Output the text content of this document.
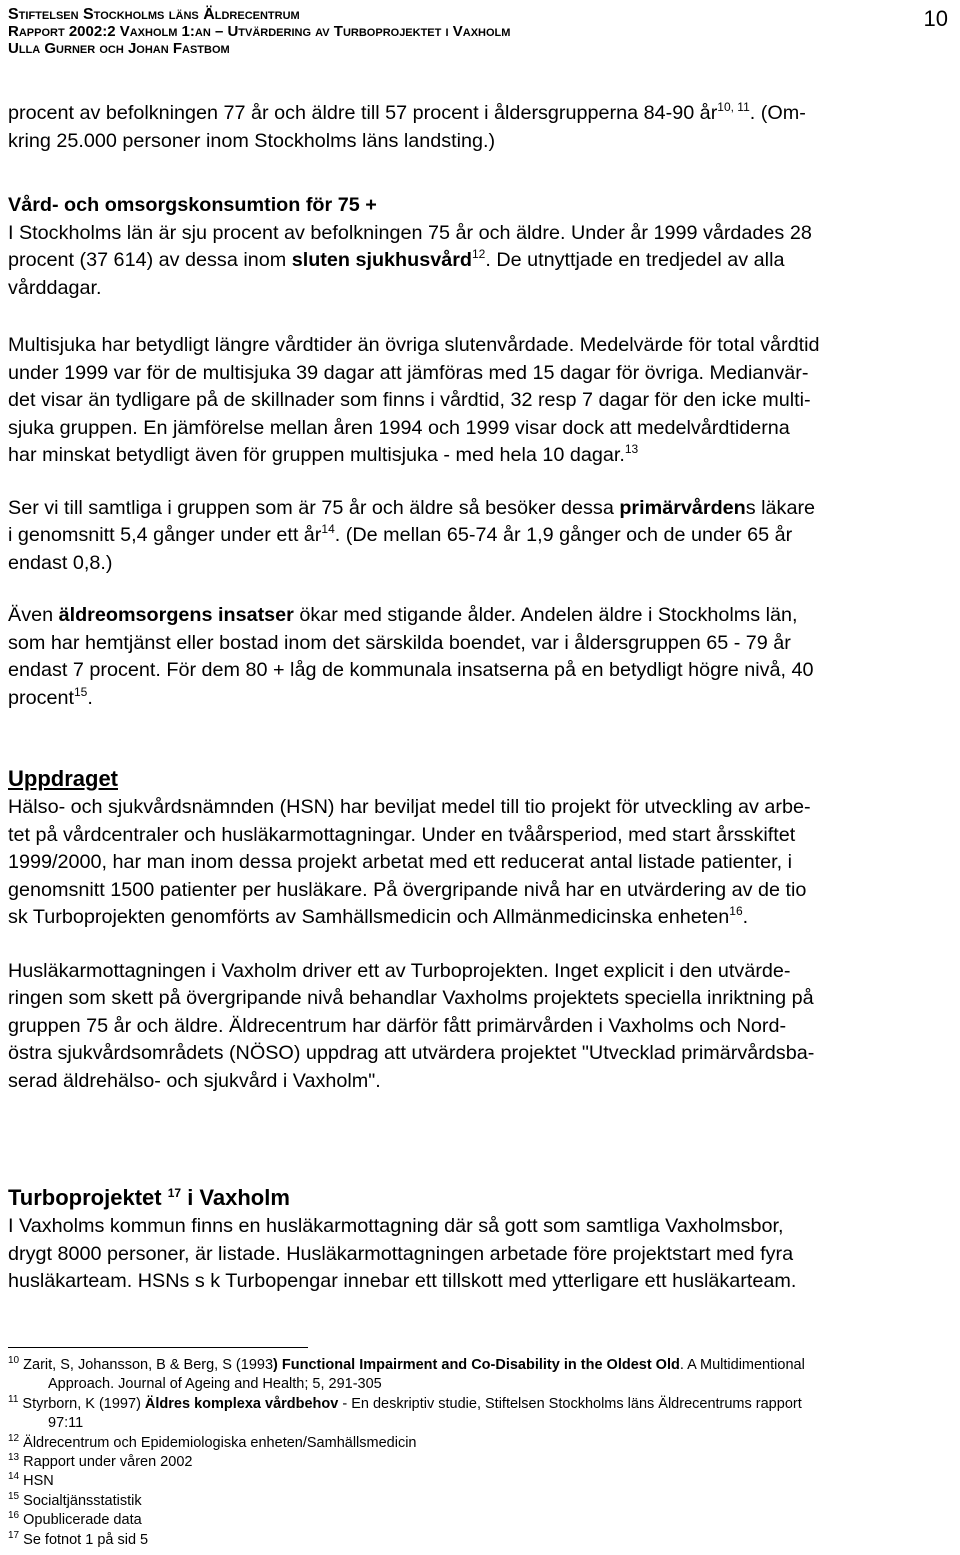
Stiftelsen Stockholms läns Äldrecentrum
Rapport 2002:2 Vaxholm 1:an – Utvärdering av Turboprojektet i Vaxholm
Ulla Gurner och Johan Fastbom
10

procent av befolkningen 77 år och äldre till 57 procent i åldersgrupperna 84-90 år$^{10, 11}$. (Om-

kring 25.000 personer inom Stockholms läns landsting.)

Vård- och omsorgskonsumtion för 75 +

I Stockholms län är sju procent av befolkningen 75 år och äldre. Under år 1999 vårdades 28

procent (37 614) av dessa inom sluten sjukhusvård$^{12}$. De utnyttjade en tredjedel av alla

vårddagar.

Multisjuka har betydligt längre vårdtider än övriga slutenvårdade. Medelvärde för total vårdtid

under 1999 var för de multisjuka 39 dagar att jämföras med 15 dagar för övriga. Medianvär-

det visar än tydligare på de skillnader som finns i vårdtid, 32 resp 7 dagar för den icke multi-

sjuka gruppen. En jämförelse mellan åren 1994 och 1999 visar dock att medelvårdtiderna

har minskat betydligt även för gruppen multisjuka - med hela 10 dagar.$^{13}$

Ser vi till samtliga i gruppen som är 75 år och äldre så besöker dessa primärvårdens läkare

i genomsnitt 5,4 gånger under ett $år^{14}$. (De mellan 65-74 år 1,9 gånger och de under 65 år

endast 0,8.)

Även äldreomsorgens insatser ökar med stigande ålder. Andelen äldre i Stockholms län,

som har hemtjänst eller bostad inom det särskilda boendet, var i åldersgruppen 65 - 79 år

endast 7 procent. För dem 80 + låg de kommunala insatserna på en betydligt högre nivå, 40

procent$^{15}$.

Uppdraget

Hälso- och sjukvårdsnämnden (HSN) har beviljat medel till tio projekt för utveckling av arbe-

tet på vårdcentraler och husläkarmottagningar. Under en tvåårsperiod, med start årsskiftet

1999/2000, har man inom dessa projekt arbetat med ett reducerat antal listade patienter, i

genomsnitt 1500 patienter per husläkare. På övergripande nivå har en utvärdering av de tio

sk Turboprojekten genomförts av Samhällsmedicin och Allmänmedicinska enheten$^{16}$.

Husläkarmottagningen i Vaxholm driver ett av Turboprojekten. Inget explicit i den utvärde-

ringen som skett på övergripande nivå behandlar Vaxholms projektets speciella inriktning på

gruppen 75 år och äldre. Äldrecentrum har därför fått primärvården i Vaxholms och Nord-

östra sjukvårdsområdets (NÖSO) uppdrag att utvärdera projektet "Utvecklad primärvårdsba-

serad äldrehälso- och sjukvård i Vaxholm".

Turboprojektet $^{17}$ i Vaxholm

I Vaxholms kommun finns en husläkarmottagning där så gott som samtliga Vaxholmsbor,

drygt 8000 personer, är listade. Husläkarmottagningen arbetade före projektstart med fyra

husläkarteam. HSNs s k Turbopengar innebar ett tillskott med ytterligare ett husläkarteam.

$^{10}$ Zarit, S, Johansson, B & Berg, S (1993) Functional Impairment and Co-Disability in the Oldest Old. A Multidimentional
Approach. Journal of Ageing and Health; 5, 291-305
$^{11}$ Styrborn, K (1997) Äldres komplexa vårdbehov - En deskriptiv studie, Stiftelsen Stockholms läns Äldrecentrums rapport
97:11
$^{12}$ Äldrecentrum och Epidemiologiska enheten/Samhällsmedicin
$^{13}$ Rapport under våren 2002
$^{14}$ HSN
$^{15}$ Socialtjänsstatistik
$^{16}$ Opublicerade data
$^{17}$ Se fotnot 1 på sid 5
